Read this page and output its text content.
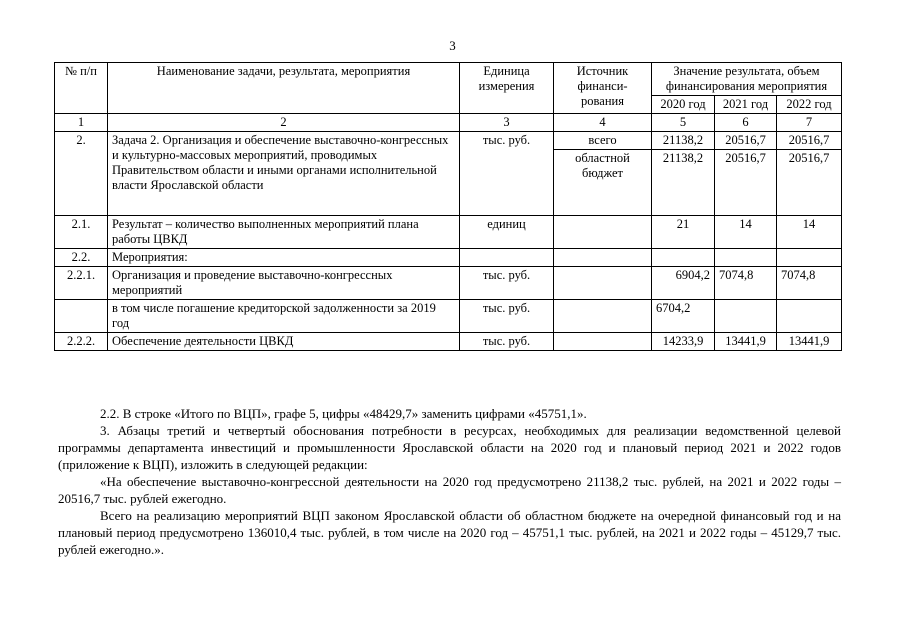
3
№ п/п	Наименование задачи, результата, мероприятия	Единица измерения	Источник финанси-рования	Значение результата, объем финансирования мероприятия		
				2020 год	2021 год	2022 год
1	2	3	4	5	6	7
2.	Задача 2. Организация и обеспечение выставочно-конгрессных и культурно-массовых мероприятий, проводимых Правительством области и иными органами исполнительной власти Ярославской области	тыс. руб.	всего	21138,2	20516,7	20516,7
			областной бюджет	21138,2	20516,7	20516,7
2.1.	Результат – количество выполненных мероприятий плана работы ЦВКД	единиц		21	14	14
2.2.	Мероприятия:					
2.2.1.	Организация и проведение выставочно-конгрессных мероприятий	тыс. руб.		6904,2	7074,8	7074,8
	в том числе погашение кредиторской задолженности за 2019 год	тыс. руб.		6704,2		
2.2.2.	Обеспечение деятельности ЦВКД	тыс. руб.		14233,9	13441,9	13441,9

2.2. В строке «Итого по ВЦП», графе 5, цифры «48429,7» заменить цифрами «45751,1».

3. Абзацы третий и четвертый обоснования потребности в ресурсах, необходимых для реализации ведомственной целевой программы департамента инвестиций и промышленности Ярославской области на 2020 год и плановый период 2021 и 2022 годов (приложение к ВЦП), изложить в следующей редакции:

«На обеспечение выставочно-конгрессной деятельности на 2020 год предусмотрено 21138,2 тыс. рублей, на 2021 и 2022 годы – 20516,7 тыс. рублей ежегодно.

Всего на реализацию мероприятий ВЦП законом Ярославской области об областном бюджете на очередной финансовый год и на плановый период предусмотрено 136010,4 тыс. рублей, в том числе на 2020 год – 45751,1 тыс. рублей, на 2021 и 2022 годы – 45129,7 тыс. рублей ежегодно.».
